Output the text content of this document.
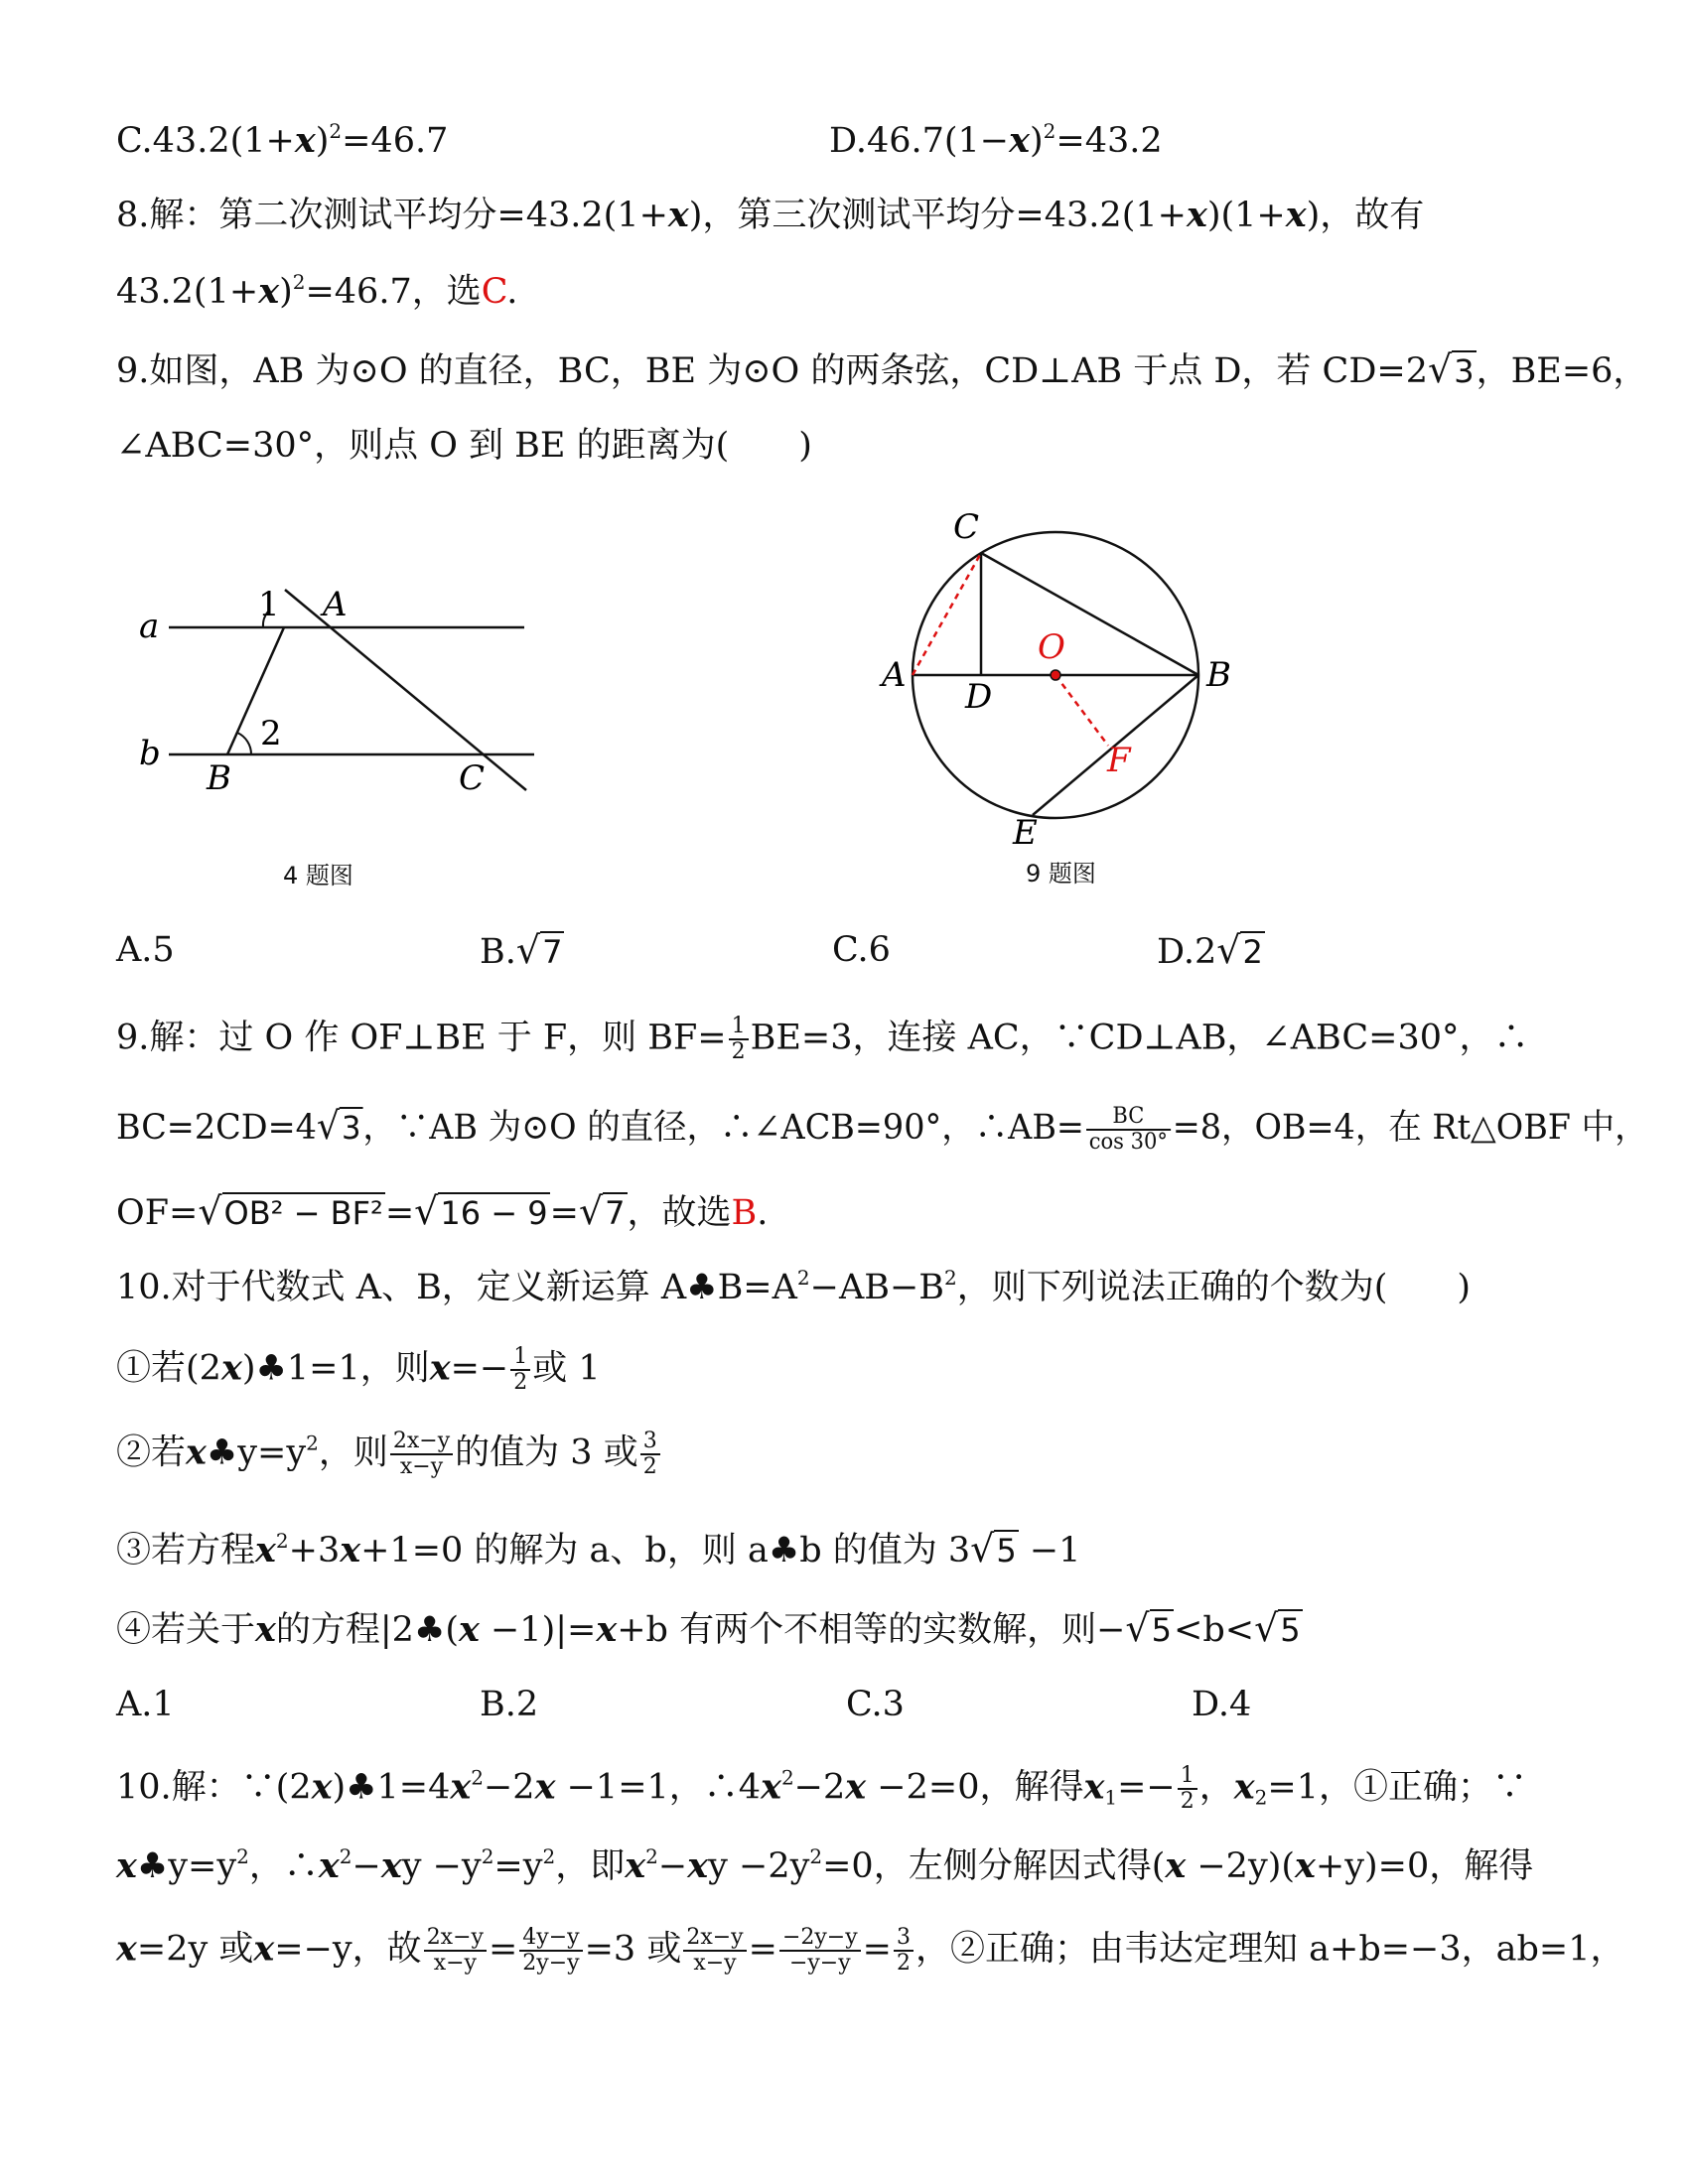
$C.43.2(1+x)^2=46.7$	$D.46.7(1-x)^2=43.2$
8.解：第二次测试平均分=43.2(1+x)，第三次测试平均分=43.2(1+x)(1+x)，故有
$43.2(1+x)^2=46.7$，选C.
9.如图，AB 为⊙O 的直径，BC，BE 为⊙O 的两条弦，CD⊥AB 于点 D，若 CD=2√3，BE=6，
∠ABC=30°，则点 O 到 BE 的距离为(　　)
a
b
1 A
2
B	C
4 题图
C
A
D
O
B
F
E
9 题图
A.5	B.√7	C.6	D.2√2
9.解：过 O 作 OF⊥BE 于 F，则 $BF= \frac{1}{2} BE=3$，连接 AC，∵CD⊥AB，∠ABC=30°，∴
BC=2CD=4√3，∵AB 为⊙O 的直径，∴∠ACB=90°，∴AB= $\frac{BC}{\cos 30^\circ} =8$，OB=4，在 Rt△OBF 中，
OF=√OB² − BF²=√16 − 9=√7，故选B.
10.对于代数式 A、B，定义新运算 $A♣B=A^2-AB-B^2$，则下列说法正确的个数为(　　)
①若(2x)♣1=1，则$x=- \frac{1}{2}$ 或 1
②若$x♣y=y^2$，则 $\frac{2x-y}{x-y}$ 的值为 3 或 $\frac{3}{2}$
③若方程$x^2+3x+1=0$ 的解为 a、b，则 a♣b 的值为 3√5 −1
④若关于x的方程|2♣(x −1)|=x+b 有两个不相等的实数解，则−√5<b<√5
A.1	B.2	C.3	D.4
10.解：$\because(2x)♣1=4x^2-2x -1=1$，$\therefore 4x^2-2x -2=0$，解得$x_1=- \frac{1}{2}$ ，$x_2=1$，①正确；∵
$x♣y=y^2$，$\therefore x^2-xy -y^2=y^2$，即$x^2-xy -2y^2=0$，左侧分解因式得(x −2y)(x+y)=0，解得
x=2y 或x=−y，故 $\frac{2x-y}{x-y} = \frac{4y-y}{2y-y} =3$ 或 $\frac{2x-y}{x-y} = \frac{-2y-y}{-y-y} = \frac{3}{2}$ ，②正确；由韦达定理知 a+b=−3，ab=1，
